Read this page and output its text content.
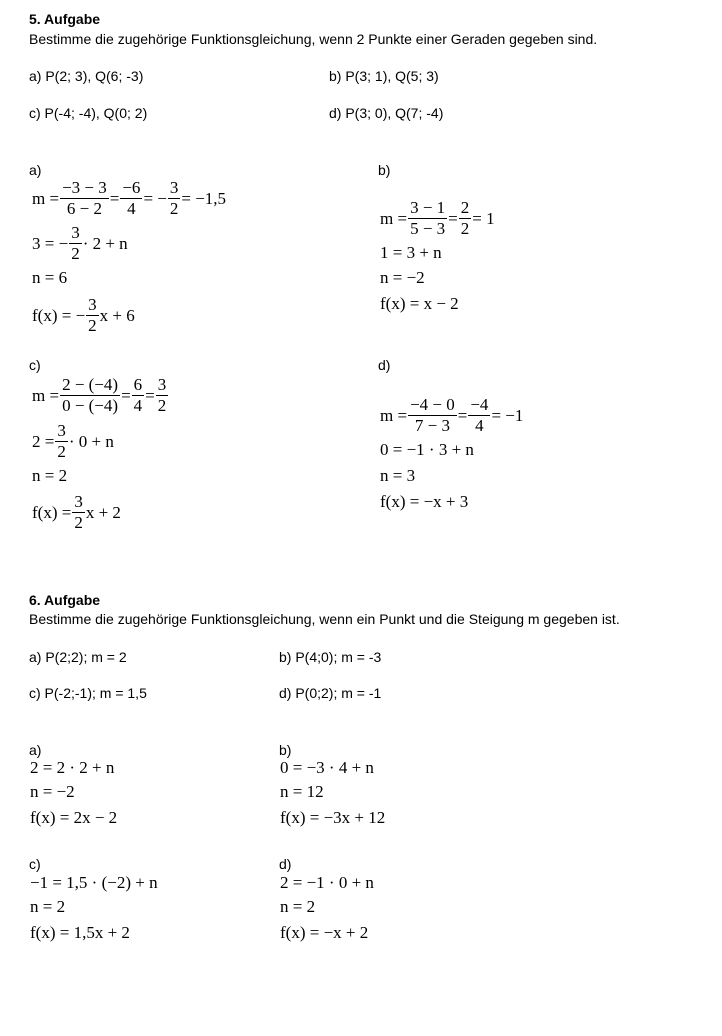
5. Aufgabe
Bestimme die zugehörige Funktionsgleichung, wenn 2 Punkte einer Geraden gegeben sind.
a) P(2; 3), Q(6; -3)	b) P(3; 1), Q(5; 3)
c) P(-4; -4), Q(0; 2)	d) P(3; 0), Q(7; -4)
a)	b)
c)	d)
$m = \frac{-3 - 3}{6 - 2} = \frac{-6}{4}$ = − $\frac{3}{2} = -1,5$
3 = − $\frac{3}{2} \cdot 2 + n$
n = 6
f(x) = − $\frac{3}{2}$ x + 6
$m = \frac{3 - 1}{5 - 3} = \frac{2}{2} = 1$
1 = 3 + n
n = −2
f(x) = x − 2
$m = \frac{2 - (-4)}{0 - (-4)} = \frac{6}{4} = \frac{3}{2}$
$2 = \frac{3}{2} \cdot 0 + n$
n = 2
$f(x) = \frac{3}{2}$ x + 2
$m = \frac{-4 - 0}{7 - 3} = \frac{-4}{4} = -1$
0 = −1 · 3 + n
n = 3
f(x) = −x + 3
6. Aufgabe
Bestimme die zugehörige Funktionsgleichung, wenn ein Punkt und die Steigung m gegeben ist.
a) P(2;2); m = 2	b) P(4;0); m = -3
c) P(-2;-1); m = 1,5	d) P(0;2); m = -1
a)	b)
c)	d)
2 = 2 · 2 + n
n = −2
f(x) = 2x − 2
0 = −3 · 4 + n
n = 12
f(x) = −3x + 12
−1 = 1,5 · (−2) + n
n = 2
f(x) = 1,5x + 2
2 = −1 · 0 + n
n = 2
f(x) = −x + 2
